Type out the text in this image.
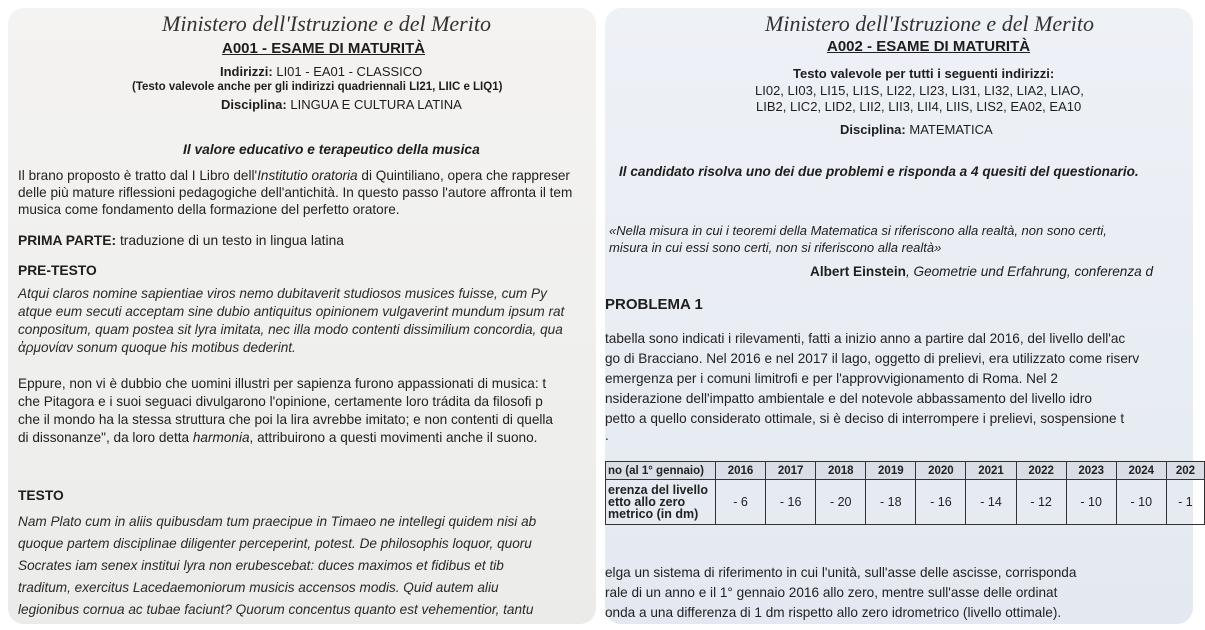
Ministero dell'Istruzione e del Merito
A001 - ESAME DI MATURITÀ
Indirizzi: LI01 - EA01 - CLASSICO
(Testo valevole anche per gli indirizzi quadriennali LI21, LIIC e LIQ1)
Disciplina: LINGUA E CULTURA LATINA
Il valore educativo e terapeutico della musica
Il brano proposto è tratto dal I Libro dell'Institutio oratoria di Quintiliano, opera che rappreser
delle più mature riflessioni pedagogiche dell'antichità. In questo passo l'autore affronta il tem
musica come fondamento della formazione del perfetto oratore.
PRIMA PARTE: traduzione di un testo in lingua latina
PRE-TESTO
Atqui claros nomine sapientiae viros nemo dubitaverit studiosos musices fuisse, cum Py
atque eum secuti acceptam sine dubio antiquitus opinionem vulgaverint mundum ipsum rat
conpositum, quam postea sit lyra imitata, nec illa modo contenti dissimilium concordia, qua
ἀρμονίαν sonum quoque his motibus dederint.
Eppure, non vi è dubbio che uomini illustri per sapienza furono appassionati di musica: t
che Pitagora e i suoi seguaci divulgarono l'opinione, certamente loro trádita da filosofi p
che il mondo ha la stessa struttura che poi la lira avrebbe imitato; e non contenti di quella
di dissonanze", da loro detta harmonia, attribuirono a questi movimenti anche il suono.
TESTO
Nam Plato cum in aliis quibusdam tum praecipue in Timaeo ne intellegi quidem nisi ab
quoque partem disciplinae diligenter perceperint, potest. De philosophis loquor, quoru
Socrates iam senex institui lyra non erubescebat: duces maximos et fidibus et tib
traditum, exercitus Lacedaemoniorum musicis accensos modis. Quid autem aliu
legionibus cornua ac tubae faciunt? Quorum concentus quanto est vehementior, tantu
Ministero dell'Istruzione e del Merito
A002 - ESAME DI MATURITÀ
Testo valevole per tutti i seguenti indirizzi:
LI02, LI03, LI15, LI1S, LI22, LI23, LI31, LI32, LIA2, LIAO,
LIB2, LIC2, LID2, LII2, LII3, LII4, LIIS, LIS2, EA02, EA10
Disciplina: MATEMATICA
Il candidato risolva uno dei due problemi e risponda a 4 quesiti del questionario.
«Nella misura in cui i teoremi della Matematica si riferiscono alla realtà, non sono certi,
misura in cui essi sono certi, non si riferiscono alla realtà»
Albert Einstein, Geometrie und Erfahrung, conferenza d
PROBLEMA 1
tabella sono indicati i rilevamenti, fatti a inizio anno a partire dal 2016, del livello dell'ac
go di Bracciano. Nel 2016 e nel 2017 il lago, oggetto di prelievi, era utilizzato come riserv
emergenza per i comuni limitrofi e per l'approvvigionamento di Roma. Nel 2
nsiderazione dell'impatto ambientale e del notevole abbassamento del livello idro
petto a quello considerato ottimale, si è deciso di interrompere i prelievi, sospensione t
.
no (al 1° gennaio)	2016	2017	2018	2019	2020	2021	2022	2023	2024	202

erenza del livello
etto allo zero
metrico (in dm)	- 6	- 16	- 20	- 18	- 16	- 14	- 12	- 10	- 10	- 1
elga un sistema di riferimento in cui l'unità, sull'asse delle ascisse, corrisponda
rale di un anno e il 1° gennaio 2016 allo zero, mentre sull'asse delle ordinat
onda a una differenza di 1 dm rispetto allo zero idrometrico (livello ottimale).
